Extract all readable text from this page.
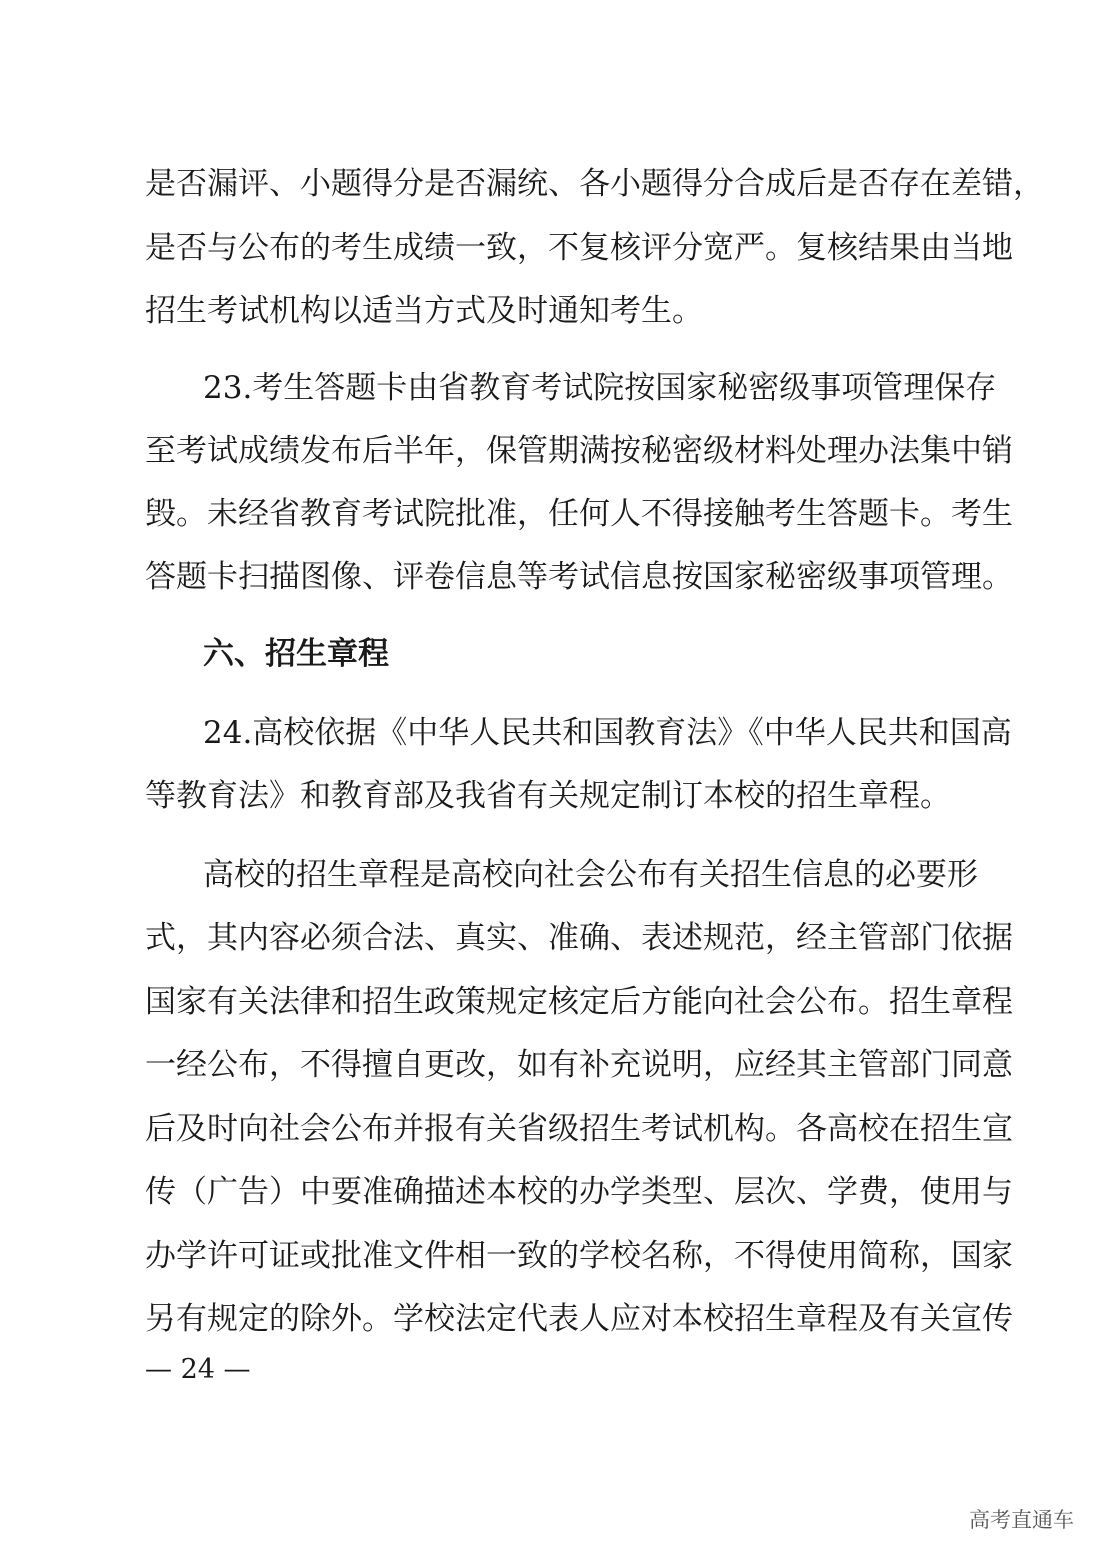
是否漏评、小题得分是否漏统、各小题得分合成后是否存在差错，
是否与公布的考生成绩一致，不复核评分宽严。复核结果由当地
招生考试机构以适当方式及时通知考生。
23.考生答题卡由省教育考试院按国家秘密级事项管理保存
至考试成绩发布后半年，保管期满按秘密级材料处理办法集中销
毁。未经省教育考试院批准，任何人不得接触考生答题卡。考生
答题卡扫描图像、评卷信息等考试信息按国家秘密级事项管理。
六、招生章程
24.高校依据《中华人民共和国教育法》《中华人民共和国高
等教育法》和教育部及我省有关规定制订本校的招生章程。
高校的招生章程是高校向社会公布有关招生信息的必要形
式，其内容必须合法、真实、准确、表述规范，经主管部门依据
国家有关法律和招生政策规定核定后方能向社会公布。招生章程
一经公布，不得擅自更改，如有补充说明，应经其主管部门同意
后及时向社会公布并报有关省级招生考试机构。各高校在招生宣
传（广告）中要准确描述本校的办学类型、层次、学费，使用与
办学许可证或批准文件相一致的学校名称，不得使用简称，国家
另有规定的除外。学校法定代表人应对本校招生章程及有关宣传
— 24 —
高考直通车
